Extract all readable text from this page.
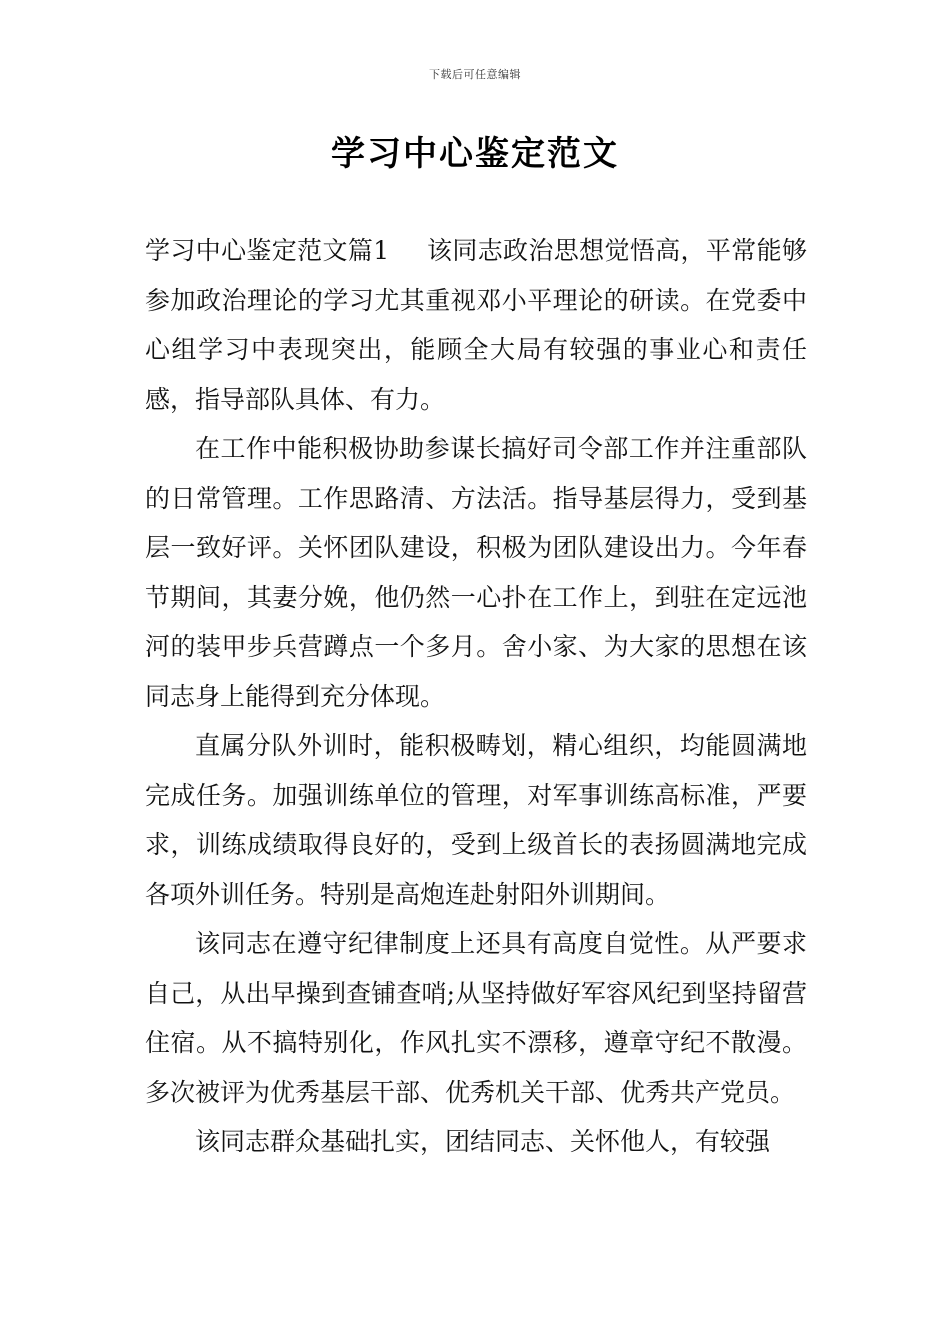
下载后可任意编辑
学习中心鉴定范文

学习中心鉴定范文篇1 该同志政治思想觉悟高，平常能够参加政治理论的学习尤其重视邓小平理论的研读。在党委中心组学习中表现突出，能顾全大局有较强的事业心和责任感，指导部队具体、有力。

在工作中能积极协助参谋长搞好司令部工作并注重部队的日常管理。工作思路清、方法活。指导基层得力，受到基层一致好评。关怀团队建设，积极为团队建设出力。今年春节期间，其妻分娩，他仍然一心扑在工作上，到驻在定远池河的装甲步兵营蹲点一个多月。舍小家、为大家的思想在该同志身上能得到充分体现。

直属分队外训时，能积极畴划，精心组织，均能圆满地完成任务。加强训练单位的管理，对军事训练高标准，严要求，训练成绩取得良好的，受到上级首长的表扬圆满地完成各项外训任务。特别是高炮连赴射阳外训期间。

该同志在遵守纪律制度上还具有高度自觉性。从严要求自己，从出早操到查铺查哨;从坚持做好军容风纪到坚持留营住宿。从不搞特别化，作风扎实不漂移，遵章守纪不散漫。多次被评为优秀基层干部、优秀机关干部、优秀共产党员。

该同志群众基础扎实，团结同志、关怀他人，有较强
